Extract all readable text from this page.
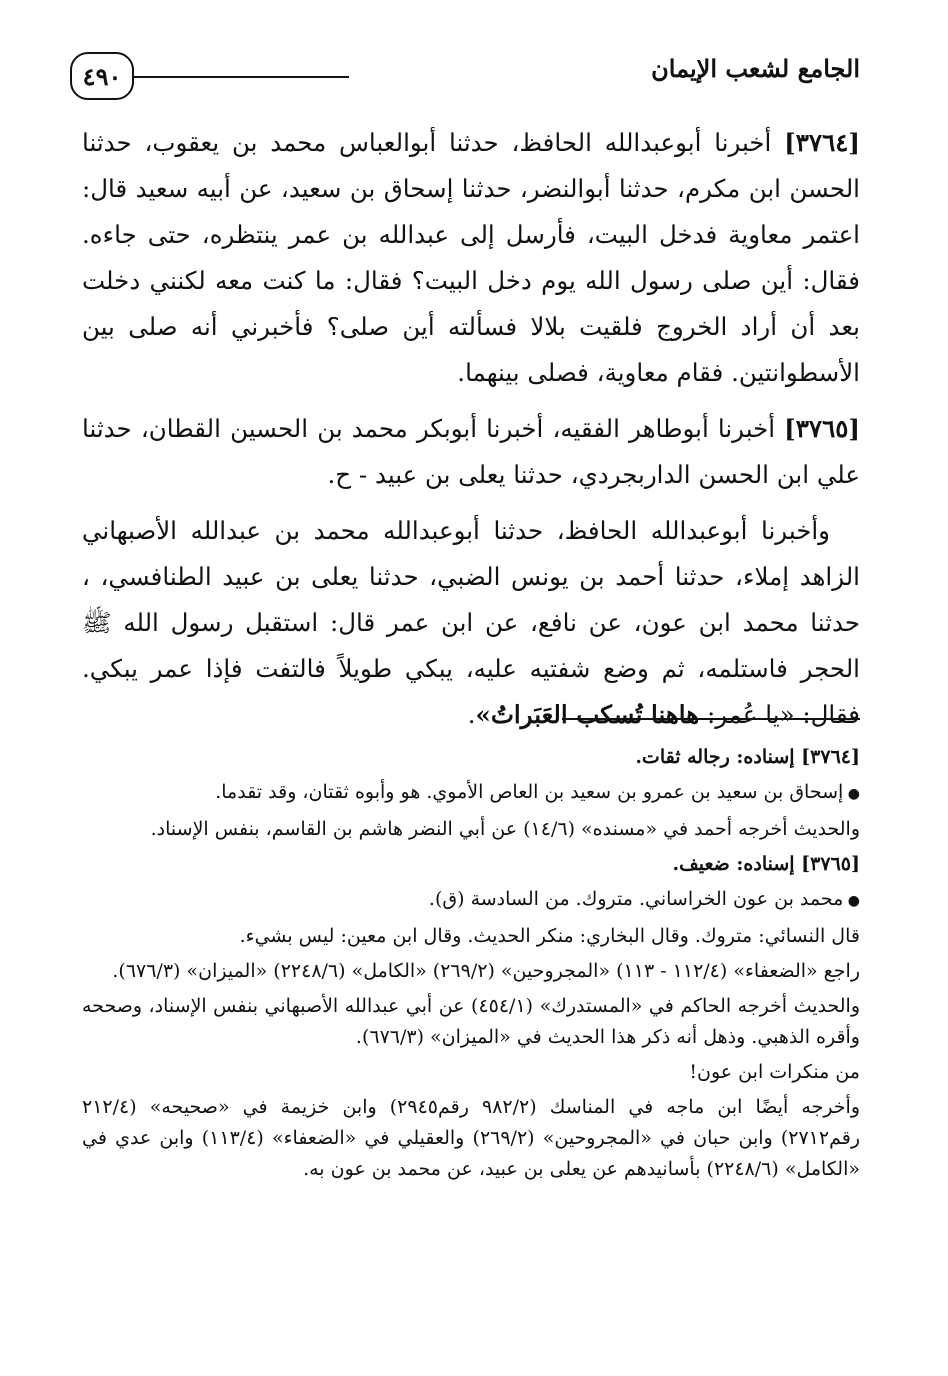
٤٩٠	الجامع لشعب الإيمان

[٣٧٦٤] أخبرنا أبوعبدالله الحافظ، حدثنا أبوالعباس محمد بن يعقوب، حدثنا الحسن ابن مكرم، حدثنا أبوالنضر، حدثنا إسحاق بن سعيد، عن أبيه سعيد قال: اعتمر معاوية فدخل البيت، فأرسل إلى عبدالله بن عمر ينتظره، حتى جاءه. فقال: أين صلى رسول الله يوم دخل البيت؟ فقال: ما كنت معه لكنني دخلت بعد أن أراد الخروج فلقيت بلالا فسألته أين صلى؟ فأخبرني أنه صلى بين الأسطوانتين. فقام معاوية، فصلى بينهما.

[٣٧٦٥] أخبرنا أبوطاهر الفقيه، أخبرنا أبوبكر محمد بن الحسين القطان، حدثنا علي ابن الحسن الداربجردي، حدثنا يعلى بن عبيد - ح.

وأخبرنا أبوعبدالله الحافظ، حدثنا أبوعبدالله محمد بن عبدالله الأصبهاني الزاهد إملاء، حدثنا أحمد بن يونس الضبي، حدثنا يعلى بن عبيد الطنافسي، ، حدثنا محمد ابن عون، عن نافع، عن ابن عمر قال: استقبل رسول الله ﷺ الحجر فاستلمه، ثم وضع شفتيه عليه، يبكي طويلاً فالتفت فإذا عمر يبكي. فقال: «يا عُمر: هاهنا تُسكب العَبَراتُ».

[٣٧٦٤] إسناده: رجاله ثقات.

● إسحاق بن سعيد بن عمرو بن سعيد بن العاص الأموي. هو وأبوه ثقتان، وقد تقدما.

والحديث أخرجه أحمد في «مسنده» (١٤/٦) عن أبي النضر هاشم بن القاسم، بنفس الإسناد.

[٣٧٦٥] إسناده: ضعيف.

● محمد بن عون الخراساني. متروك. من السادسة (ق).

قال النسائي: متروك. وقال البخاري: منكر الحديث. وقال ابن معين: ليس بشيء.

راجع «الضعفاء» (١١٢/٤ - ١١٣) «المجروحين» (٢٦٩/٢) «الكامل» (٢٢٤٨/٦) «الميزان» (٦٧٦/٣).

والحديث أخرجه الحاكم في «المستدرك» (٤٥٤/١) عن أبي عبدالله الأصبهاني بنفس الإسناد، وصححه وأقره الذهبي. وذهل أنه ذكر هذا الحديث في «الميزان» (٦٧٦/٣).

من منكرات ابن عون!

وأخرجه أيضًا ابن ماجه في المناسك (٩٨٢/٢ رقم٢٩٤٥) وابن خزيمة في «صحيحه» (٢١٢/٤ رقم٢٧١٢) وابن حبان في «المجروحين» (٢٦٩/٢) والعقيلي في «الضعفاء» (١١٣/٤) وابن عدي في «الكامل» (٢٢٤٨/٦) بأسانيدهم عن يعلى بن عبيد، عن محمد بن عون به.
